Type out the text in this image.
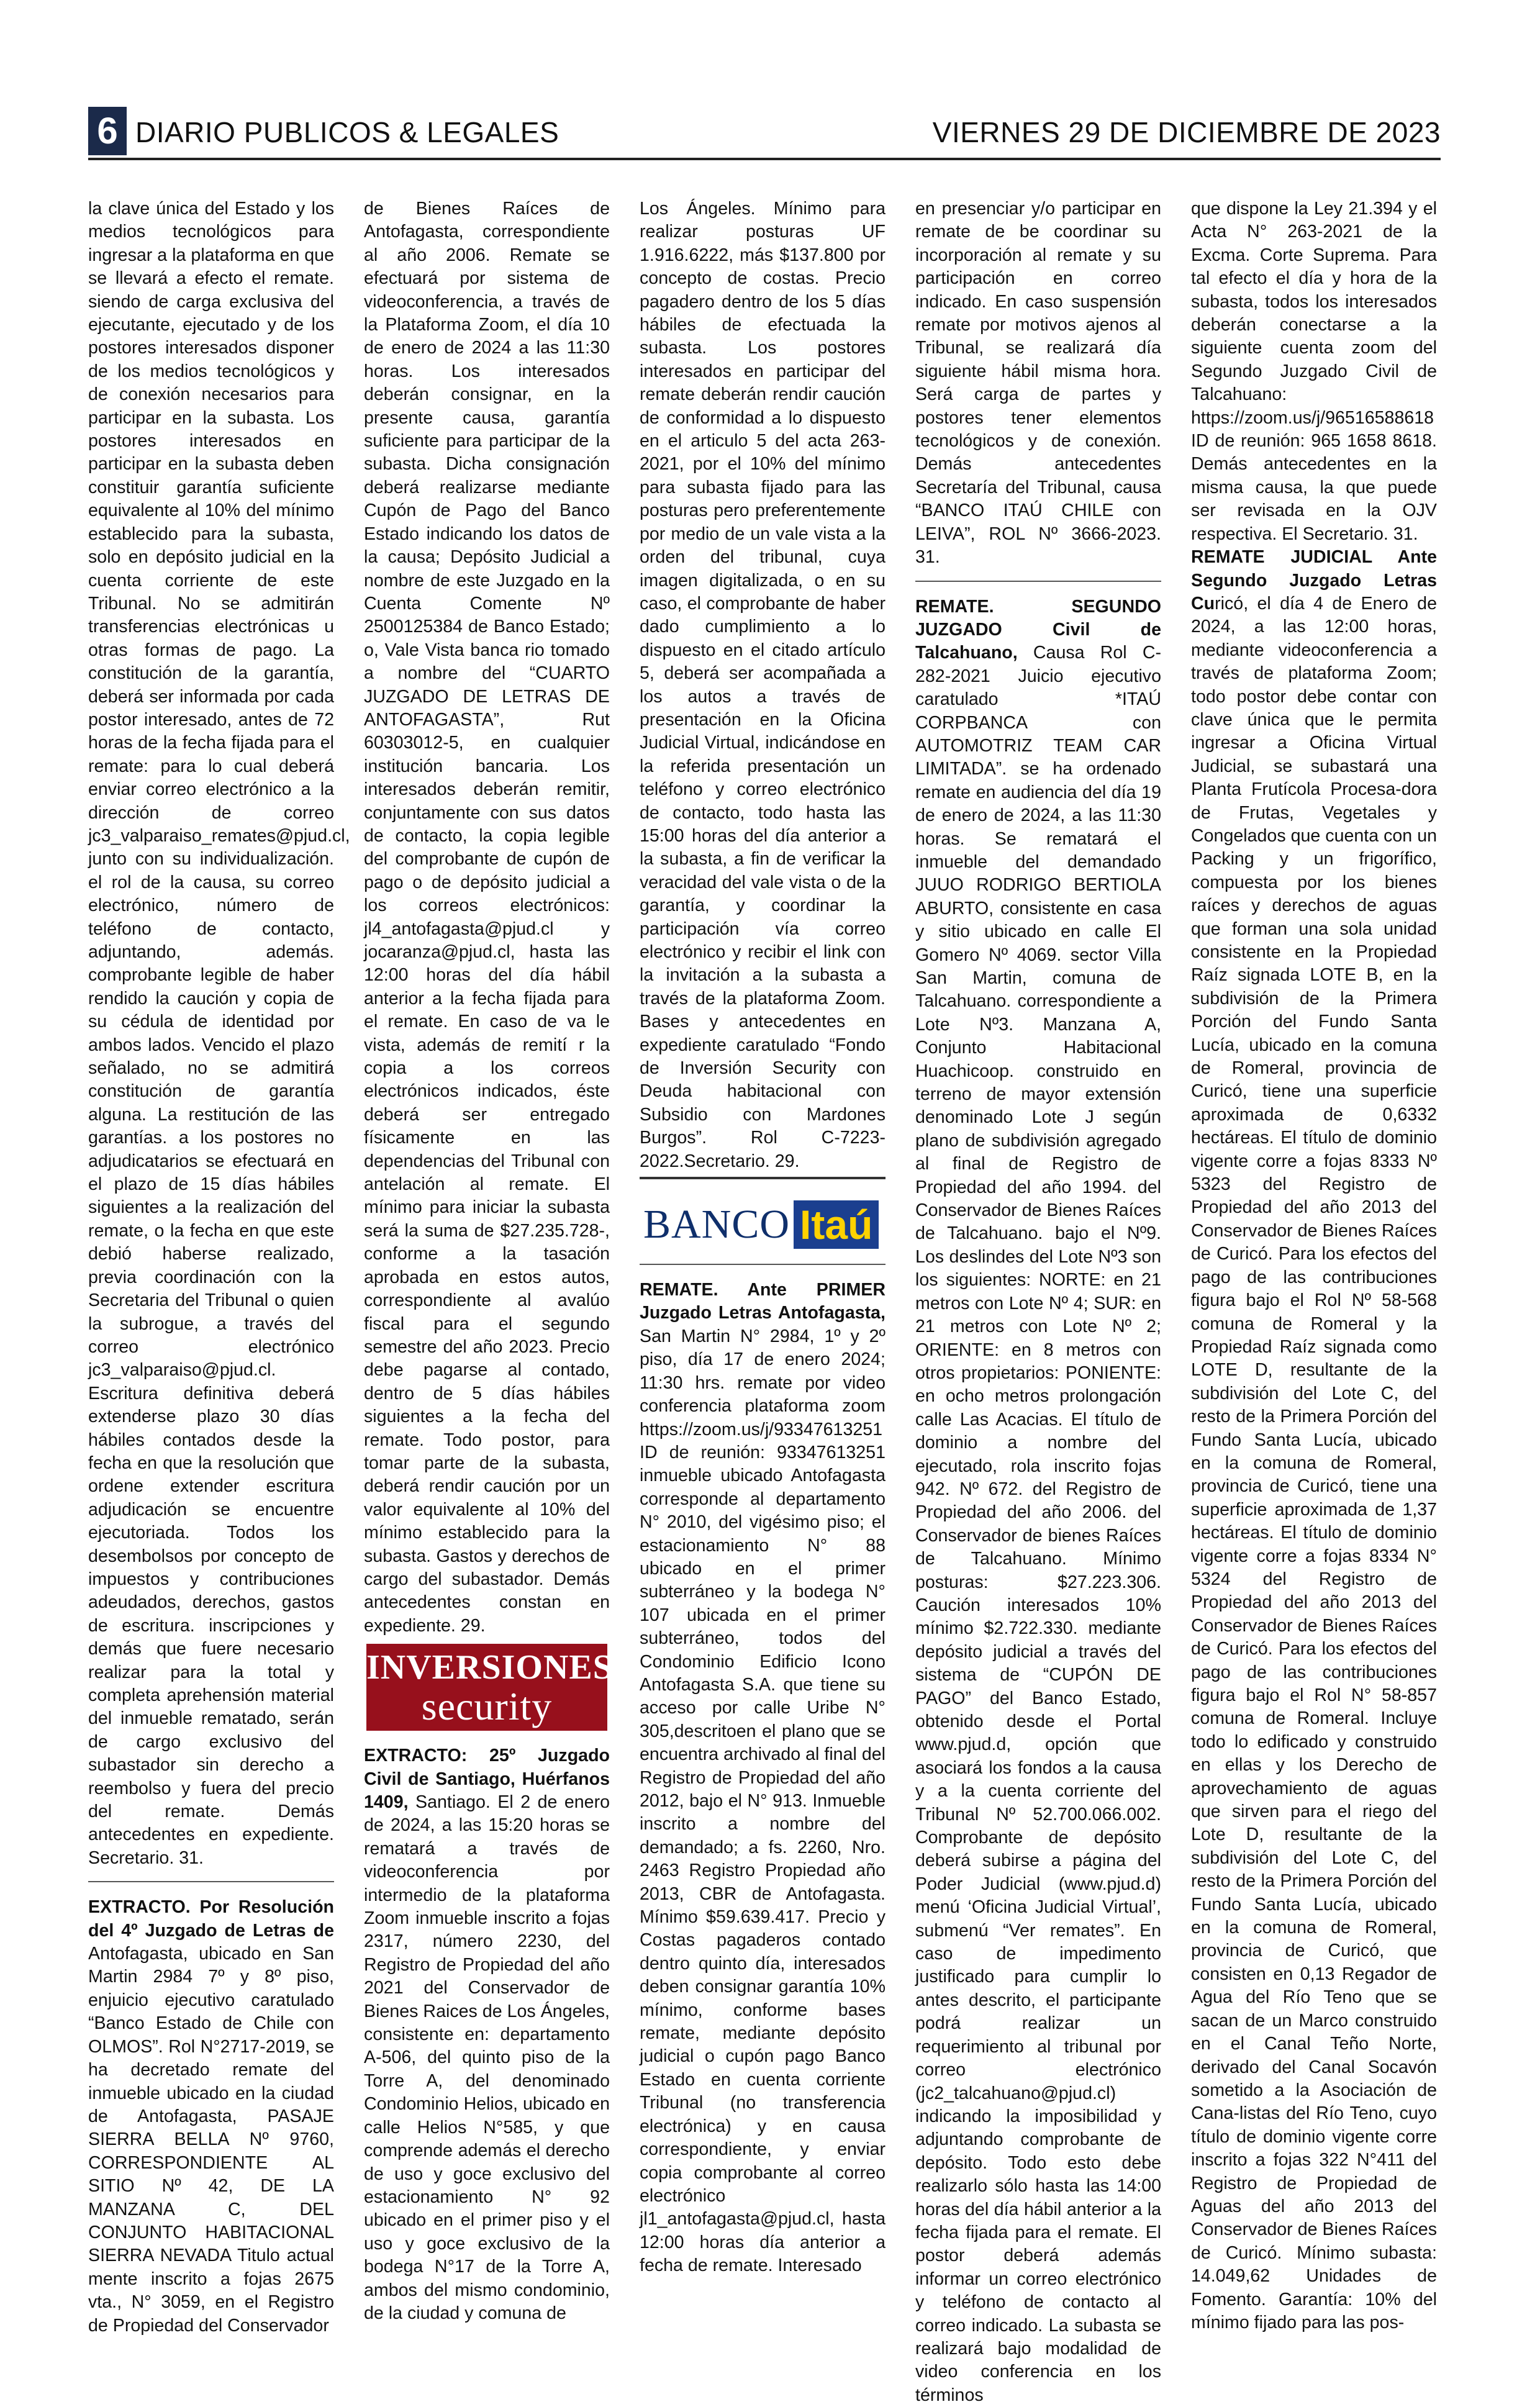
6 DIARIO PUBLICOS & LEGALES	VIERNES 29 DE DICIEMBRE DE 2023

la clave única del Estado y los medios tecnológicos para ingresar a la plataforma en que se llevará a efecto el remate. siendo de carga exclusiva del ejecutante, ejecutado y de los postores interesados disponer de los medios tecnológicos y de conexión necesarios para participar en la subasta. Los postores interesados en participar en la subasta deben constituir garantía suficiente equivalente al 10% del mínimo establecido para la subasta, solo en depósito judicial en la cuenta corriente de este Tribunal. No se admitirán transferencias electrónicas u otras formas de pago. La constitución de la garantía, deberá ser informada por cada postor interesado, antes de 72 horas de la fecha fijada para el remate: para lo cual deberá enviar correo electrónico a la dirección de correo jc3_valparaiso_remates@pjud.cl, junto con su individualización. el rol de la causa, su correo electrónico, número de teléfono de contacto, adjuntando, además. comprobante legible de haber rendido la caución y copia de su cédula de identidad por ambos lados. Vencido el plazo señalado, no se admitirá constitución de garantía alguna. La restitución de las garantías. a los postores no adjudicatarios se efectuará en el plazo de 15 días hábiles siguientes a la realización del remate, o la fecha en que este debió haberse realizado, previa coordinación con la Secretaria del Tribunal o quien la subrogue, a través del correo electrónico jc3_valparaiso@pjud.cl. Escritura definitiva deberá extenderse plazo 30 días hábiles contados desde la fecha en que la resolución que ordene extender escritura adjudicación se encuentre ejecutoriada. Todos los desembolsos por concepto de impuestos y contribuciones adeudados, derechos, gastos de escritura. inscripciones y demás que fuere necesario realizar para la total y completa aprehensión material del inmueble rematado, serán de cargo exclusivo del subastador sin derecho a reembolso y fuera del precio del remate. Demás antecedentes en expediente. Secretario. 31.

EXTRACTO. Por Resolución del 4º Juzgado de Letras de Antofagasta, ubicado en San Martin 2984 7º y 8º piso, enjuicio ejecutivo caratulado “Banco Estado de Chile con OLMOS”. Rol N°2717-2019, se ha decretado remate del inmueble ubicado en la ciudad de Antofagasta, PASAJE SIERRA BELLA Nº 9760, CORRESPONDIENTE AL SITIO Nº 42, DE LA MANZANA C, DEL CONJUNTO HABITACIONAL SIERRA NEVADA Titulo actual mente inscrito a fojas 2675 vta., N° 3059, en el Registro de Propiedad del Conservador

de Bienes Raíces de Antofagasta, correspondiente al año 2006. Remate se efectuará por sistema de videoconferencia, a través de la Plataforma Zoom, el día 10 de enero de 2024 a las 11:30 horas. Los interesados deberán consignar, en la presente causa, garantía suficiente para participar de la subasta. Dicha consignación deberá realizarse mediante Cupón de Pago del Banco Estado indicando los datos de la causa; Depósito Judicial a nombre de este Juzgado en la Cuenta Comente Nº 2500125384 de Banco Estado; o, Vale Vista banca rio tomado a nombre del “CUARTO JUZGADO DE LETRAS DE ANTOFAGASTA”, Rut 60303012-5, en cualquier institución bancaria. Los interesados deberán remitir, conjuntamente con sus datos de contacto, la copia legible del comprobante de cupón de pago o de depósito judicial a los correos electrónicos: jl4_antofagasta@pjud.cl y jocaranza@pjud.cl, hasta las 12:00 horas del día hábil anterior a la fecha fijada para el remate. En caso de va le vista, además de remití r la copia a los correos electrónicos indicados, éste deberá ser entregado físicamente en las dependencias del Tribunal con antelación al remate. El mínimo para iniciar la subasta será la suma de $27.235.728-, conforme a la tasación aprobada en estos autos, correspondiente al avalúo fiscal para el segundo semestre del año 2023. Precio debe pagarse al contado, dentro de 5 días hábiles siguientes a la fecha del remate. Todo postor, para tomar parte de la subasta, deberá rendir caución por un valor equivalente al 10% del mínimo establecido para la subasta. Gastos y derechos de cargo del subastador. Demás antecedentes constan en expediente. 29.

INVERSIONES
security

EXTRACTO: 25º Juzgado Civil de Santiago, Huérfanos 1409, Santiago. El 2 de enero de 2024, a las 15:20 horas se rematará a través de videoconferencia por intermedio de la plataforma Zoom inmueble inscrito a fojas 2317, número 2230, del Registro de Propiedad del año 2021 del Conservador de Bienes Raices de Los Ángeles, consistente en: departamento A-506, del quinto piso de la Torre A, del denominado Condominio Helios, ubicado en calle Helios N°585, y que comprende además el derecho de uso y goce exclusivo del estacionamiento N° 92 ubicado en el primer piso y el uso y goce exclusivo de la bodega N°17 de la Torre A, ambos del mismo condominio, de la ciudad y comuna de

Los Ángeles. Mínimo para realizar posturas UF 1.916.6222, más $137.800 por concepto de costas. Precio pagadero dentro de los 5 días hábiles de efectuada la subasta. Los postores interesados en participar del remate deberán rendir caución de conformidad a lo dispuesto en el articulo 5 del acta 263-2021, por el 10% del mínimo para subasta fijado para las posturas pero preferentemente por medio de un vale vista a la orden del tribunal, cuya imagen digitalizada, o en su caso, el comprobante de haber dado cumplimiento a lo dispuesto en el citado artículo 5, deberá ser acompañada a los autos a través de presentación en la Oficina Judicial Virtual, indicándose en la referida presentación un teléfono y correo electrónico de contacto, todo hasta las 15:00 horas del día anterior a la subasta, a fin de verificar la veracidad del vale vista o de la garantía, y coordinar la participación vía correo electrónico y recibir el link con la invitación a la subasta a través de la plataforma Zoom. Bases y antecedentes en expediente caratulado “Fondo de Inversión Security con Deuda habitacional con Subsidio con Mardones Burgos”. Rol C-7223-2022.Secretario. 29.

BANCO Itaú

REMATE. Ante PRIMER Juzgado Letras Antofagasta, San Martin N° 2984, 1º y 2º piso, día 17 de enero 2024; 11:30 hrs. remate por video conferencia plataforma zoom https://zoom.us/j/93347613251 ID de reunión: 93347613251 inmueble ubicado Antofagasta corresponde al departamento N° 2010, del vigésimo piso; el estacionamiento N° 88 ubicado en el primer subterráneo y la bodega N° 107 ubicada en el primer subterráneo, todos del Condominio Edificio Icono Antofagasta S.A. que tiene su acceso por calle Uribe N° 305,descritoen el plano que se encuentra archivado al final del Registro de Propiedad del año 2012, bajo el N° 913. Inmueble inscrito a nombre del demandado; a fs. 2260, Nro. 2463 Registro Propiedad año 2013, CBR de Antofagasta. Mínimo $59.639.417. Precio y Costas pagaderos contado dentro quinto día, interesados deben consignar garantía 10% mínimo, conforme bases remate, mediante depósito judicial o cupón pago Banco Estado en cuenta corriente Tribunal (no transferencia electrónica) y en causa correspondiente, y enviar copia comprobante al correo electrónico jl1_antofagasta@pjud.cl, hasta 12:00 horas día anterior a fecha de remate. Interesado

en presenciar y/o participar en remate de be coordinar su incorporación al remate y su participación en correo indicado. En caso suspensión remate por motivos ajenos al Tribunal, se realizará día siguiente hábil misma hora. Será carga de partes y postores tener elementos tecnológicos y de conexión. Demás antecedentes Secretaría del Tribunal, causa “BANCO ITAÚ CHILE con LEIVA”, ROL Nº 3666-2023. 31.

REMATE. SEGUNDO JUZGADO Civil de Talcahuano, Causa Rol C-282-2021 Juicio ejecutivo caratulado *ITAÚ CORPBANCA con AUTOMOTRIZ TEAM CAR LIMITADA”. se ha ordenado remate en audiencia del día 19 de enero de 2024, a las 11:30 horas. Se rematará el inmueble del demandado JUUO RODRIGO BERTIOLA ABURTO, consistente en casa y sitio ubicado en calle El Gomero Nº 4069. sector Villa San Martin, comuna de Talcahuano. correspondiente a Lote Nº3. Manzana A, Conjunto Habitacional Huachicoop. construido en terreno de mayor extensión denominado Lote J según plano de subdivisión agregado al final de Registro de Propiedad del año 1994. del Conservador de Bienes Raíces de Talcahuano. bajo el Nº9. Los deslindes del Lote Nº3 son los siguientes: NORTE: en 21 metros con Lote Nº 4; SUR: en 21 metros con Lote Nº 2; ORIENTE: en 8 metros con otros propietarios: PONIENTE: en ocho metros prolongación calle Las Acacias. El título de dominio a nombre del ejecutado, rola inscrito fojas 942. Nº 672. del Registro de Propiedad del año 2006. del Conservador de bienes Raíces de Talcahuano. Mínimo posturas: $27.223.306. Caución interesados 10% mínimo $2.722.330. mediante depósito judicial a través del sistema de “CUPÓN DE PAGO” del Banco Estado, obtenido desde el Portal www.pjud.d, opción que asociará los fondos a la causa y a la cuenta corriente del Tribunal Nº 52.700.066.002. Comprobante de depósito deberá subirse a página del Poder Judicial (www.pjud.d) menú ‘Oficina Judicial Virtual’, submenú “Ver remates”. En caso de impedimento justificado para cumplir lo antes descrito, el participante podrá realizar un requerimiento al tribunal por correo electrónico (jc2_talcahuano@pjud.cl) indicando la imposibilidad y adjuntando comprobante de depósito. Todo esto debe realizarlo sólo hasta las 14:00 horas del día hábil anterior a la fecha fijada para el remate. El postor deberá además informar un correo electrónico y teléfono de contacto al correo indicado. La subasta se realizará bajo modalidad de video conferencia en los términos

que dispone la Ley 21.394 y el Acta N° 263-2021 de la Excma. Corte Suprema. Para tal efecto el día y hora de la subasta, todos los interesados deberán conectarse a la siguiente cuenta zoom del Segundo Juzgado Civil de Talcahuano: https://zoom.us/j/96516588618 ID de reunión: 965 1658 8618. Demás antecedentes en la misma causa, la que puede ser revisada en la OJV respectiva. El Secretario. 31.

REMATE JUDICIAL Ante Segundo Juzgado Letras Curicó, el día 4 de Enero de 2024, a las 12:00 horas, mediante videoconferencia a través de plataforma Zoom; todo postor debe contar con clave única que le permita ingresar a Oficina Virtual Judicial, se subastará una Planta Frutícola Procesa-dora de Frutas, Vegetales y Congelados que cuenta con un Packing y un frigorífico, compuesta por los bienes raíces y derechos de aguas que forman una sola unidad consistente en la Propiedad Raíz signada LOTE B, en la subdivisión de la Primera Porción del Fundo Santa Lucía, ubicado en la comuna de Romeral, provincia de Curicó, tiene una superficie aproximada de 0,6332 hectáreas. El título de dominio vigente corre a fojas 8333 Nº 5323 del Registro de Propiedad del año 2013 del Conservador de Bienes Raíces de Curicó. Para los efectos del pago de las contribuciones figura bajo el Rol Nº 58-568 comuna de Romeral y la Propiedad Raíz signada como LOTE D, resultante de la subdivisión del Lote C, del resto de la Primera Porción del Fundo Santa Lucía, ubicado en la comuna de Romeral, provincia de Curicó, tiene una superficie aproximada de 1,37 hectáreas. El título de dominio vigente corre a fojas 8334 N° 5324 del Registro de Propiedad del año 2013 del Conservador de Bienes Raíces de Curicó. Para los efectos del pago de las contribuciones figura bajo el Rol N° 58-857 comuna de Romeral. Incluye todo lo edificado y construido en ellas y los Derecho de aprovechamiento de aguas que sirven para el riego del Lote D, resultante de la subdivisión del Lote C, del resto de la Primera Porción del Fundo Santa Lucía, ubicado en la comuna de Romeral, provincia de Curicó, que consisten en 0,13 Regador de Agua del Río Teno que se sacan de un Marco construido en el Canal Teño Norte, derivado del Canal Socavón sometido a la Asociación de Cana-listas del Río Teno, cuyo título de dominio vigente corre inscrito a fojas 322 N°411 del Registro de Propiedad de Aguas del año 2013 del Conservador de Bienes Raíces de Curicó. Mínimo subasta: 14.049,62 Unidades de Fomento. Garantía: 10% del mínimo fijado para las pos-
